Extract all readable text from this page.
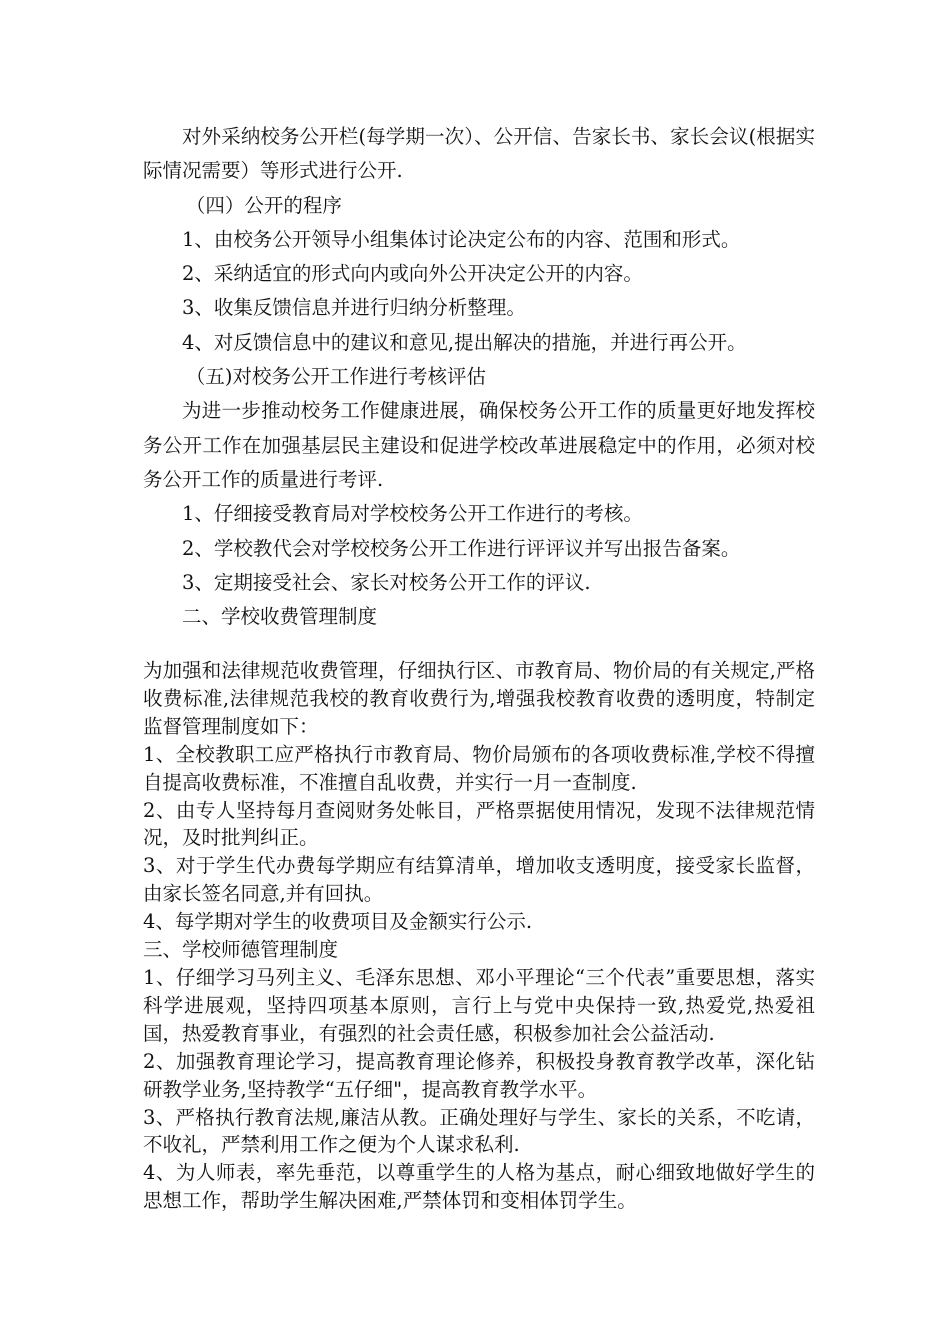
对外采纳校务公开栏(每学期一次）、公开信、告家长书、家长会议(根据实际情况需要）等形式进行公开.

（四）公开的程序

1、由校务公开领导小组集体讨论决定公布的内容、范围和形式。

2、采纳适宜的形式向内或向外公开决定公开的内容。

3、收集反馈信息并进行归纳分析整理。

4、对反馈信息中的建议和意见,提出解决的措施，并进行再公开。

（五)对校务公开工作进行考核评估

为进一步推动校务工作健康进展，确保校务公开工作的质量更好地发挥校务公开工作在加强基层民主建设和促进学校改革进展稳定中的作用，必须对校务公开工作的质量进行考评.

1、仔细接受教育局对学校校务公开工作进行的考核。

2、学校教代会对学校校务公开工作进行评评议并写出报告备案。

3、定期接受社会、家长对校务公开工作的评议.

二、学校收费管理制度

为加强和法律规范收费管理，仔细执行区、市教育局、物价局的有关规定,严格收费标准,法律规范我校的教育收费行为,增强我校教育收费的透明度，特制定监督管理制度如下：

1、全校教职工应严格执行市教育局、物价局颁布的各项收费标准,学校不得擅自提高收费标准，不准擅自乱收费，并实行一月一查制度.

2、由专人坚持每月查阅财务处帐目，严格票据使用情况，发现不法律规范情况，及时批判纠正。

3、对于学生代办费每学期应有结算清单，增加收支透明度，接受家长监督，由家长签名同意,并有回执。

4、每学期对学生的收费项目及金额实行公示.

三、学校师德管理制度

1、仔细学习马列主义、毛泽东思想、邓小平理论“三个代表”重要思想，落实科学进展观，坚持四项基本原则，言行上与党中央保持一致,热爱党,热爱祖国，热爱教育事业，有强烈的社会责任感，积极参加社会公益活动.

2、加强教育理论学习，提高教育理论修养，积极投身教育教学改革，深化钻研教学业务,坚持教学“五仔细"，提高教育教学水平。

3、严格执行教育法规,廉洁从教。正确处理好与学生、家长的关系，不吃请，不收礼，严禁利用工作之便为个人谋求私利.

4、为人师表，率先垂范，以尊重学生的人格为基点，耐心细致地做好学生的思想工作，帮助学生解决困难,严禁体罚和变相体罚学生。
